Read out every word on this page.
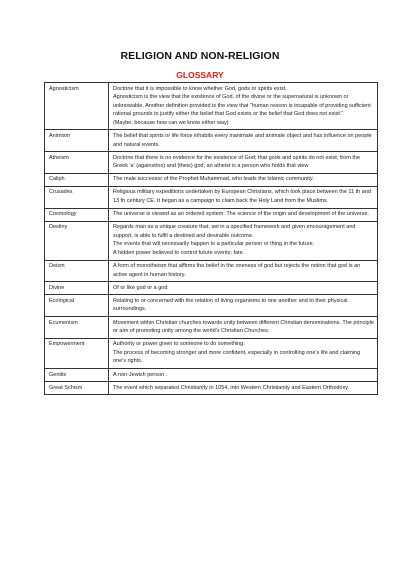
RELIGION AND NON-RELIGION
GLOSSARY
Agnosticism	Doctrine that it is impossible to know whether God, gods or spirits exist.
Agnosticism is the view that the existence of God, of the divine or the supernatural is unknown or unknowable. Another definition provided is the view that "human reason is incapable of providing sufficient rational grounds to justify either the belief that God exists or the belief that God does not exist."
(Maybe, because how can we know either way)

Animism	The belief that spirits or life force inhabits every inanimate and animate object and has influence on people and natural events.

Atheism	Doctrine that there is no evidence for the existence of God; that gods and spirits do not exist; from the Greek 'a' (against/no) and (theis) god; an atheist is a person who holds that view

Caliph	The male successor of the Prophet Muhammad, who leads the Islamic community.

Crusades	Religious military expeditions undertaken by European Christians, which took place between the 11 th and 13 th century CE. It began as a campaign to claim back the Holy Land from the Muslims.

Cosmology	The universe is viewed as an ordered system. The science of the origin and development of the universe.

Destiny	Regards man as a unique creature that, set in a specified framework and given encouragement and support, is able to fulfil a destined and desirable outcome.
The events that will necessarily happen to a particular person or thing in the future.
A hidden power believed to control future events; fate.

Deism	A form of monotheism that affirms the belief in the oneness of god but rejects the notion that god is an active agent in human history.

Divine	Of or like god or a god

Ecological	Relating to or concerned with the relation of living organisms to one another and to their physical surroundings.

Ecumenism	Movement within Christian churches towards unity between different Christian denominations. The principle or aim of promoting unity among the world's Christian Churches.

Empowerment	Authority or power given to someone to do something.
The process of becoming stronger and more confident, especially in controlling one's life and claiming one's rights.

Gentile	A non-Jewish person .

Great Schism	The event which separated Christianity in 1054, into Western Christianity and Eastern Orthodoxy.
